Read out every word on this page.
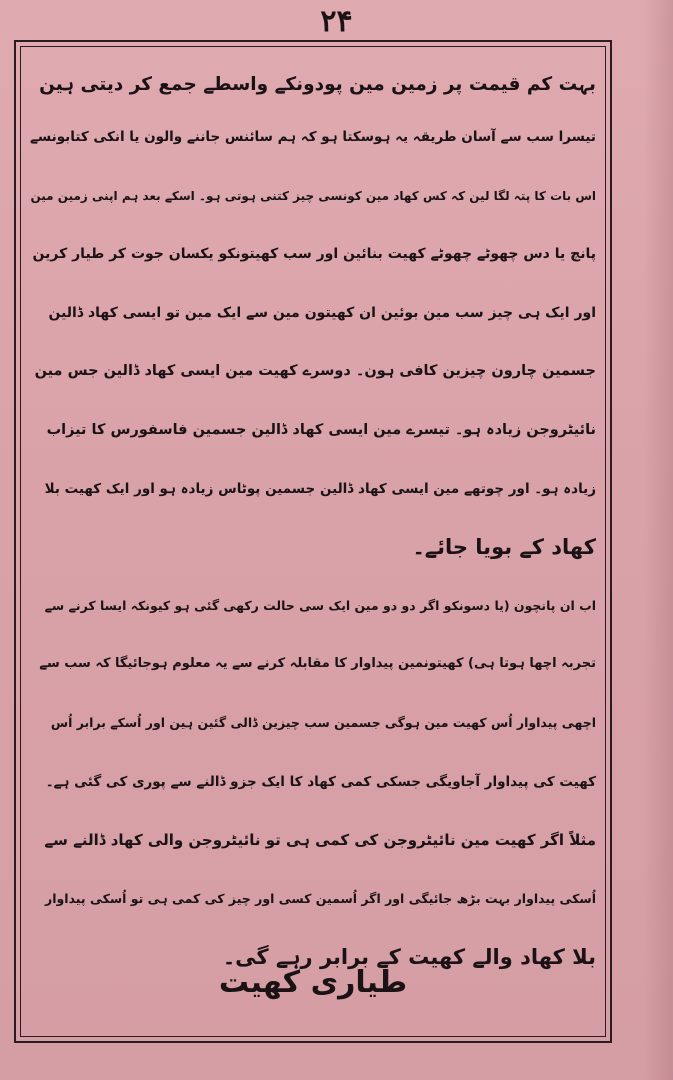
۲۴
بہت کم قیمت پر زمین مین پودونکے واسطے جمع کر دیتی ہین
تیسرا سب سے آسان طریقہ یہ ہوسکتا ہو کہ ہم سائنس جاننے والون یا انکی کتابونسے
اس بات کا پتہ لگا لین کہ کس کھاد مین کونسی چیز کتنی ہوتی ہو۔ اسکے بعد ہم اپنی زمین مین
پانچ یا دس چھوٹے چھوٹے کھیت بنائین اور سب کھیتونکو یکسان جوت کر طیار کرین
اور ایک ہی چیز سب مین بوئین ان کھیتون مین سے ایک مین تو ایسی کھاد ڈالین
جسمین چارون چیزین کافی ہون۔ دوسرے کھیت مین ایسی کھاد ڈالین جس مین
نائیٹروجن زیادہ ہو۔ تیسرے مین ایسی کھاد ڈالین جسمین فاسفورس کا تیزاب
زیادہ ہو۔ اور چوتھے مین ایسی کھاد ڈالین جسمین پوٹاس زیادہ ہو اور ایک کھیت بلا
کھاد کے بویا جائے۔
اب ان پانچون (یا دسونکو اگر دو دو مین ایک سی حالت رکھی گئی ہو کیونکہ ایسا کرنے سے
تجربہ اچھا ہوتا ہی) کھیتونمین پیداوار کا مقابلہ کرنے سے یہ معلوم ہوجائیگا کہ سب سے
اچھی پیداوار اُس کھیت مین ہوگی جسمین سب چیزین ڈالی گئین ہین اور اُسکے برابر اُس
کھیت کی پیداوار آجاویگی جسکی کمی کھاد کا ایک جزو ڈالنے سے پوری کی گئی ہے۔
مثلاً اگر کھیت مین نائیٹروجن کی کمی ہی تو نائیٹروجن والی کھاد ڈالنے سے
اُسکی پیداوار بہت بڑھ جائیگی اور اگر اُسمین کسی اور چیز کی کمی ہی تو اُسکی پیداوار
بلا کھاد والے کھیت کے برابر رہے گی۔
طیاری کھیت
